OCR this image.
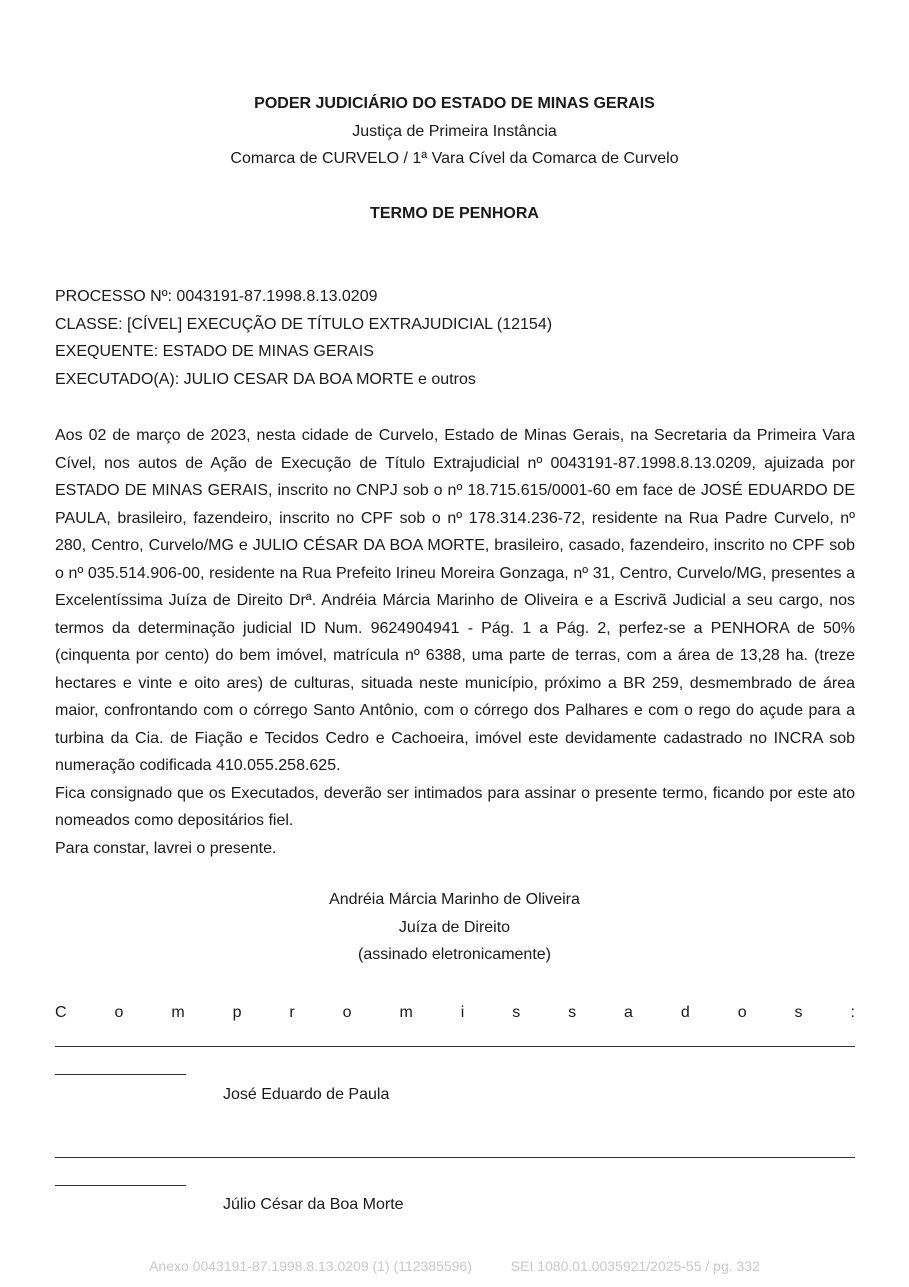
PODER JUDICIÁRIO DO ESTADO DE MINAS GERAIS
Justiça de Primeira Instância
Comarca de CURVELO / 1ª Vara Cível da Comarca de Curvelo
TERMO DE PENHORA
PROCESSO Nº: 0043191-87.1998.8.13.0209
CLASSE: [CÍVEL] EXECUÇÃO DE TÍTULO EXTRAJUDICIAL (12154)
EXEQUENTE: ESTADO DE MINAS GERAIS
EXECUTADO(A): JULIO CESAR DA BOA MORTE e outros

Aos 02 de março de 2023, nesta cidade de Curvelo, Estado de Minas Gerais, na Secretaria da Primeira Vara Cível, nos autos de Ação de Execução de Título Extrajudicial nº 0043191-87.1998.8.13.0209, ajuizada por ESTADO DE MINAS GERAIS, inscrito no CNPJ sob o nº 18.715.615/0001-60 em face de JOSÉ EDUARDO DE PAULA, brasileiro, fazendeiro, inscrito no CPF sob o nº 178.314.236-72, residente na Rua Padre Curvelo, nº 280, Centro, Curvelo/MG e JULIO CÉSAR DA BOA MORTE, brasileiro, casado, fazendeiro, inscrito no CPF sob o nº 035.514.906-00, residente na Rua Prefeito Irineu Moreira Gonzaga, nº 31, Centro, Curvelo/MG, presentes a Excelentíssima Juíza de Direito Drª. Andréia Márcia Marinho de Oliveira e a Escrivã Judicial a seu cargo, nos termos da determinação judicial ID Num. 9624904941 - Pág. 1 a Pág. 2, perfez-se a PENHORA de 50% (cinquenta por cento) do bem imóvel, matrícula nº 6388, uma parte de terras, com a área de 13,28 ha. (treze hectares e vinte e oito ares) de culturas, situada neste município, próximo a BR 259, desmembrado de área maior, confrontando com o córrego Santo Antônio, com o córrego dos Palhares e com o rego do açude para a turbina da Cia. de Fiação e Tecidos Cedro e Cachoeira, imóvel este devidamente cadastrado no INCRA sob numeração codificada 410.055.258.625.

Fica consignado que os Executados, deverão ser intimados para assinar o presente termo, ficando por este ato nomeados como depositários fiel.

Para constar, lavrei o presente.

Andréia Márcia Marinho de Oliveira
Juíza de Direito
(assinado eletronicamente)
C	o	m	p	r	o	m	i	s	s	a	d	o	s	:
José Eduardo de Paula
Júlio César da Boa Morte
Anexo 0043191-87.1998.8.13.0209 (1) (112385596)	SEI 1080.01.0035921/2025-55 / pg. 332
